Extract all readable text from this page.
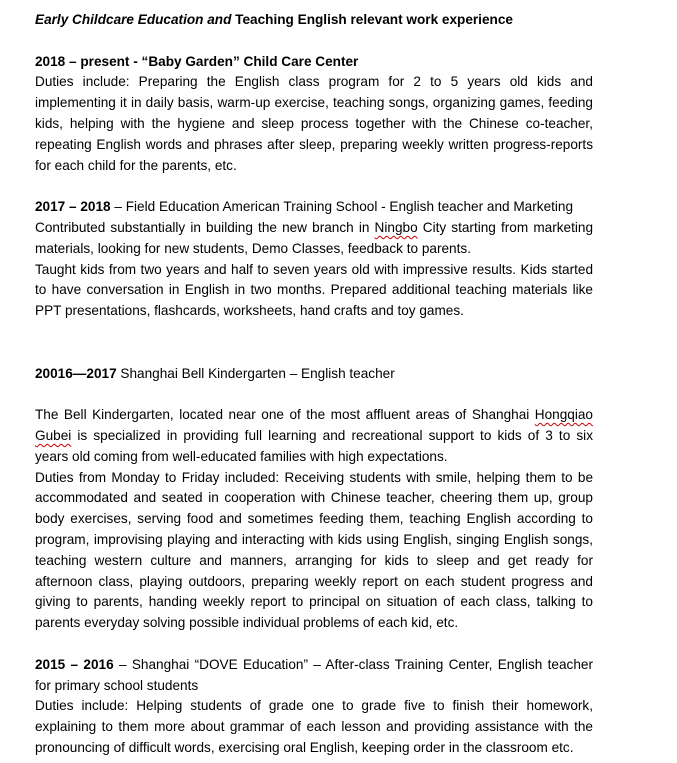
Early Childcare Education and Teaching English relevant work experience

2018 – present - “Baby Garden” Child Care Center

Duties include: Preparing the English class program for 2 to 5 years old kids and implementing it in daily basis, warm-up exercise, teaching songs, organizing games, feeding kids, helping with the hygiene and sleep process together with the Chinese co-teacher, repeating English words and phrases after sleep, preparing weekly written progress-reports for each child for the parents, etc.

2017 – 2018 – Field Education American Training School - English teacher and Marketing

Contributed substantially in building the new branch in Ningbo City starting from marketing materials, looking for new students, Demo Classes, feedback to parents.

Taught kids from two years and half to seven years old with impressive results. Kids started to have conversation in English in two months. Prepared additional teaching materials like PPT presentations, flashcards, worksheets, hand crafts and toy games.

20016―2017 Shanghai Bell Kindergarten – English teacher

The Bell Kindergarten, located near one of the most affluent areas of Shanghai Hongqiao Gubei is specialized in providing full learning and recreational support to kids of 3 to six years old coming from well-educated families with high expectations.

Duties from Monday to Friday included: Receiving students with smile, helping them to be accommodated and seated in cooperation with Chinese teacher, cheering them up, group body exercises, serving food and sometimes feeding them, teaching English according to program, improvising playing and interacting with kids using English, singing English songs, teaching western culture and manners, arranging for kids to sleep and get ready for afternoon class, playing outdoors, preparing weekly report on each student progress and giving to parents, handing weekly report to principal on situation of each class, talking to parents everyday solving possible individual problems of each kid, etc.

2015 – 2016 – Shanghai “DOVE Education” – After-class Training Center, English teacher for primary school students

Duties include: Helping students of grade one to grade five to finish their homework, explaining to them more about grammar of each lesson and providing assistance with the pronouncing of difficult words, exercising oral English, keeping order in the classroom etc.
